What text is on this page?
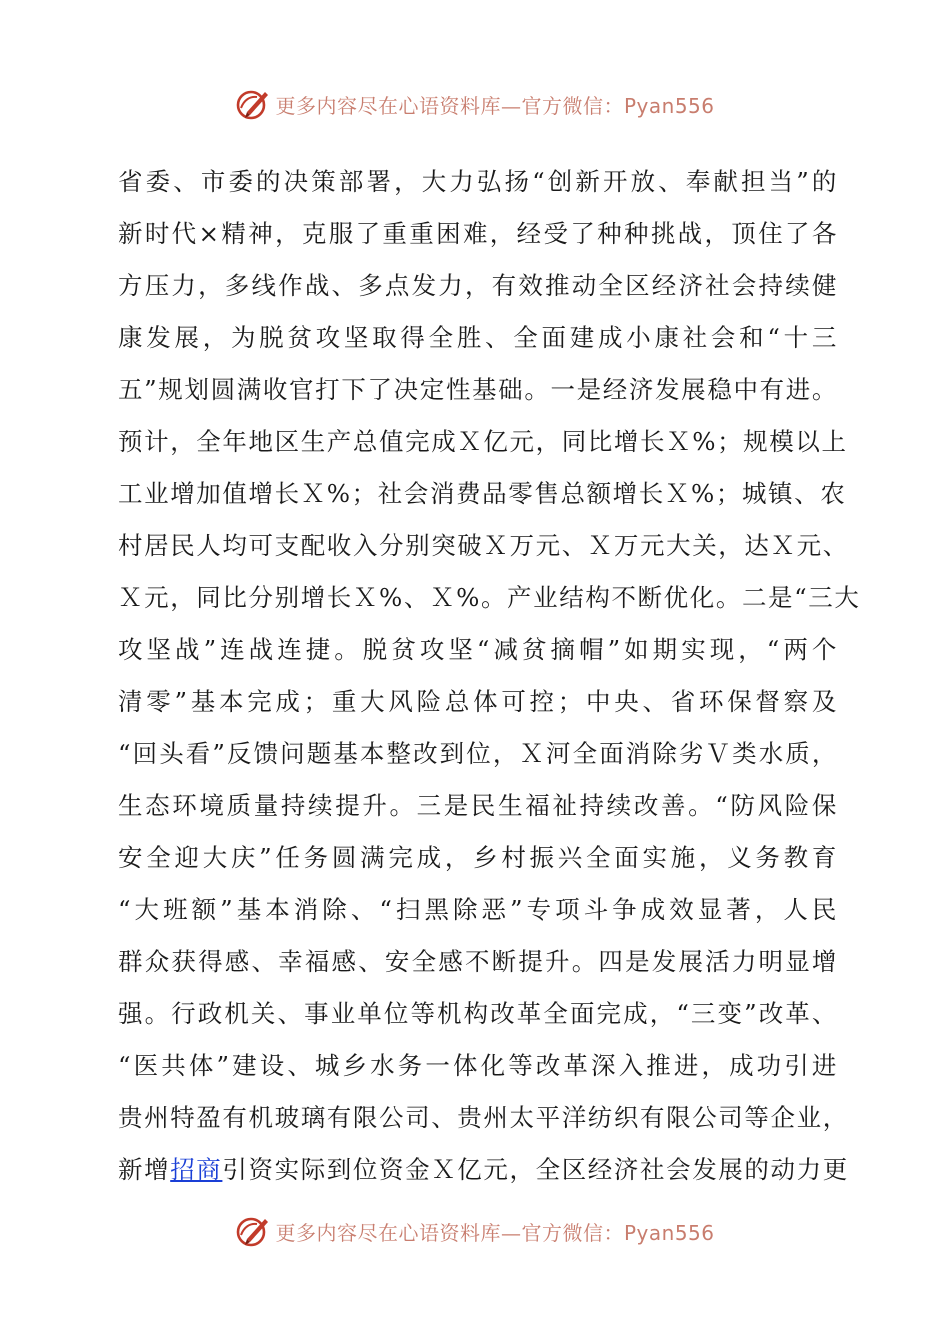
更多内容尽在心语资料库—官方微信：Pyan556
省委、市委的决策部署，大力弘扬“创新开放、奉献担当”的
新时代×精神，克服了重重困难，经受了种种挑战，顶住了各
方压力，多线作战、多点发力，有效推动全区经济社会持续健
康发展，为脱贫攻坚取得全胜、全面建成小康社会和“十三
五”规划圆满收官打下了决定性基础。一是经济发展稳中有进。
预计，全年地区生产总值完成Ｘ亿元，同比增长Ｘ%；规模以上
工业增加值增长Ｘ%；社会消费品零售总额增长Ｘ%；城镇、农
村居民人均可支配收入分别突破Ｘ万元、Ｘ万元大关，达Ｘ元、
Ｘ元，同比分别增长Ｘ%、Ｘ%。产业结构不断优化。二是“三大
攻坚战”连战连捷。脱贫攻坚“减贫摘帽”如期实现，“两个
清零”基本完成；重大风险总体可控；中央、省环保督察及
“回头看”反馈问题基本整改到位，Ｘ河全面消除劣Ｖ类水质，
生态环境质量持续提升。三是民生福祉持续改善。“防风险保
安全迎大庆”任务圆满完成，乡村振兴全面实施，义务教育
“大班额”基本消除、“扫黑除恶”专项斗争成效显著，人民
群众获得感、幸福感、安全感不断提升。四是发展活力明显增
强。行政机关、事业单位等机构改革全面完成，“三变”改革、
“医共体”建设、城乡水务一体化等改革深入推进，成功引进
贵州特盈有机玻璃有限公司、贵州太平洋纺织有限公司等企业，
新增招商引资实际到位资金Ｘ亿元，全区经济社会发展的动力更
更多内容尽在心语资料库—官方微信：Pyan556
